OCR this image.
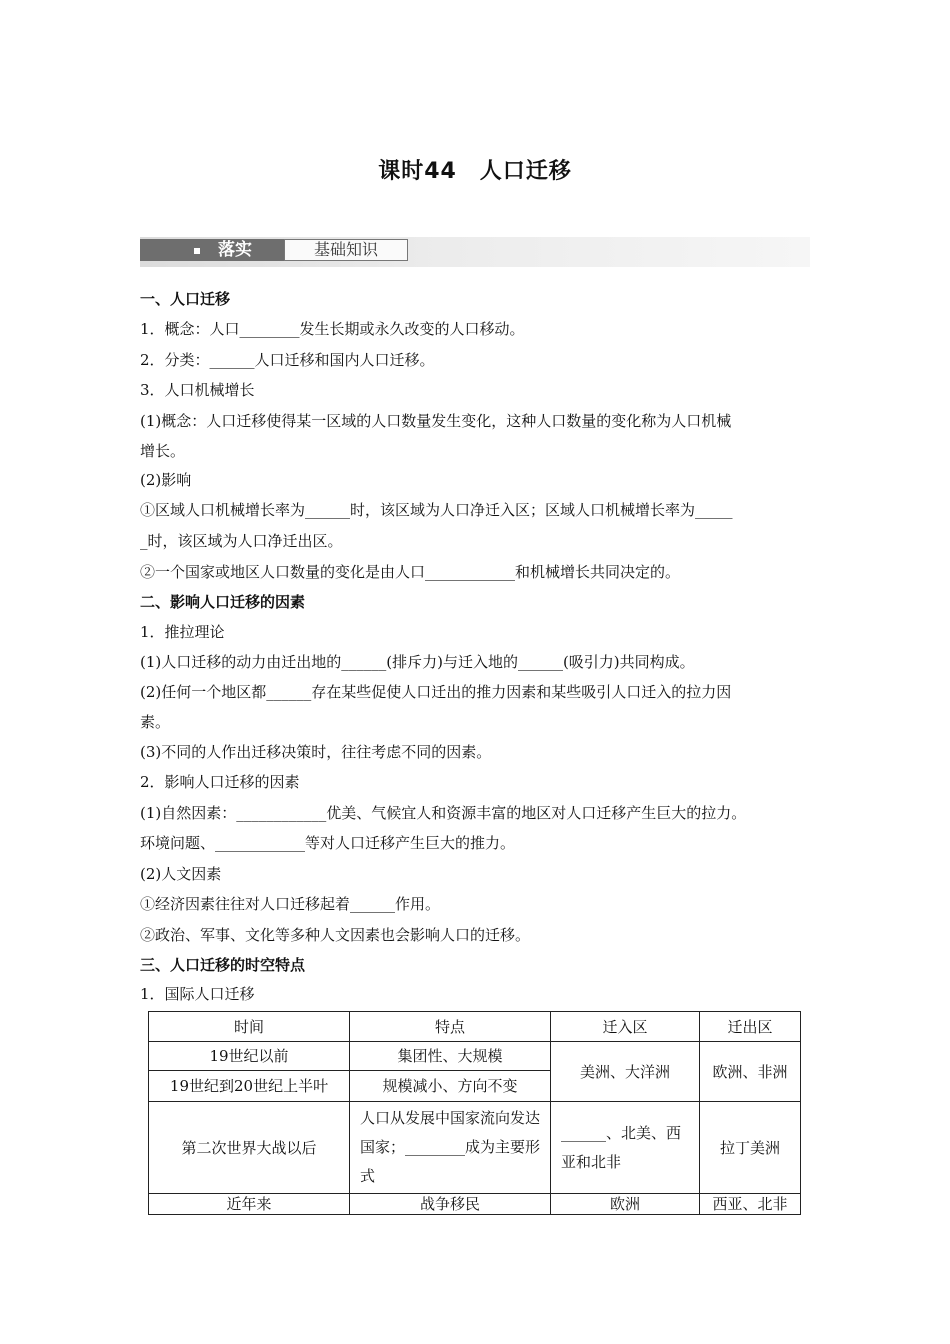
课时44　人口迁移
落实	基础知识
一、人口迁移
1．概念：人口________发生长期或永久改变的人口移动。
2．分类：______人口迁移和国内人口迁移。
3．人口机械增长
(1)概念：人口迁移使得某一区域的人口数量发生变化，这种人口数量的变化称为人口机械
增长。
(2)影响
①区域人口机械增长率为______时，该区域为人口净迁入区；区域人口机械增长率为_____
_时，该区域为人口净迁出区。
②一个国家或地区人口数量的变化是由人口____________和机械增长共同决定的。
二、影响人口迁移的因素
1．推拉理论
(1)人口迁移的动力由迁出地的______(排斥力)与迁入地的______(吸引力)共同构成。
(2)任何一个地区都______存在某些促使人口迁出的推力因素和某些吸引人口迁入的拉力因
素。
(3)不同的人作出迁移决策时，往往考虑不同的因素。
2．影响人口迁移的因素
(1)自然因素：____________优美、气候宜人和资源丰富的地区对人口迁移产生巨大的拉力。
环境问题、____________等对人口迁移产生巨大的推力。
(2)人文因素
①经济因素往往对人口迁移起着______作用。
②政治、军事、文化等多种人文因素也会影响人口的迁移。
三、人口迁移的时空特点
1．国际人口迁移
时间	特点	迁入区	迁出区
19世纪以前	集团性、大规模	美洲、大洋洲	欧洲、非洲
19世纪到20世纪上半叶	规模减小、方向不变		
第二次世界大战以后	人口从发展中国家流向发达国家；________成为主要形式	______、北美、西亚和北非	拉丁美洲
近年来	战争移民	欧洲	西亚、北非
